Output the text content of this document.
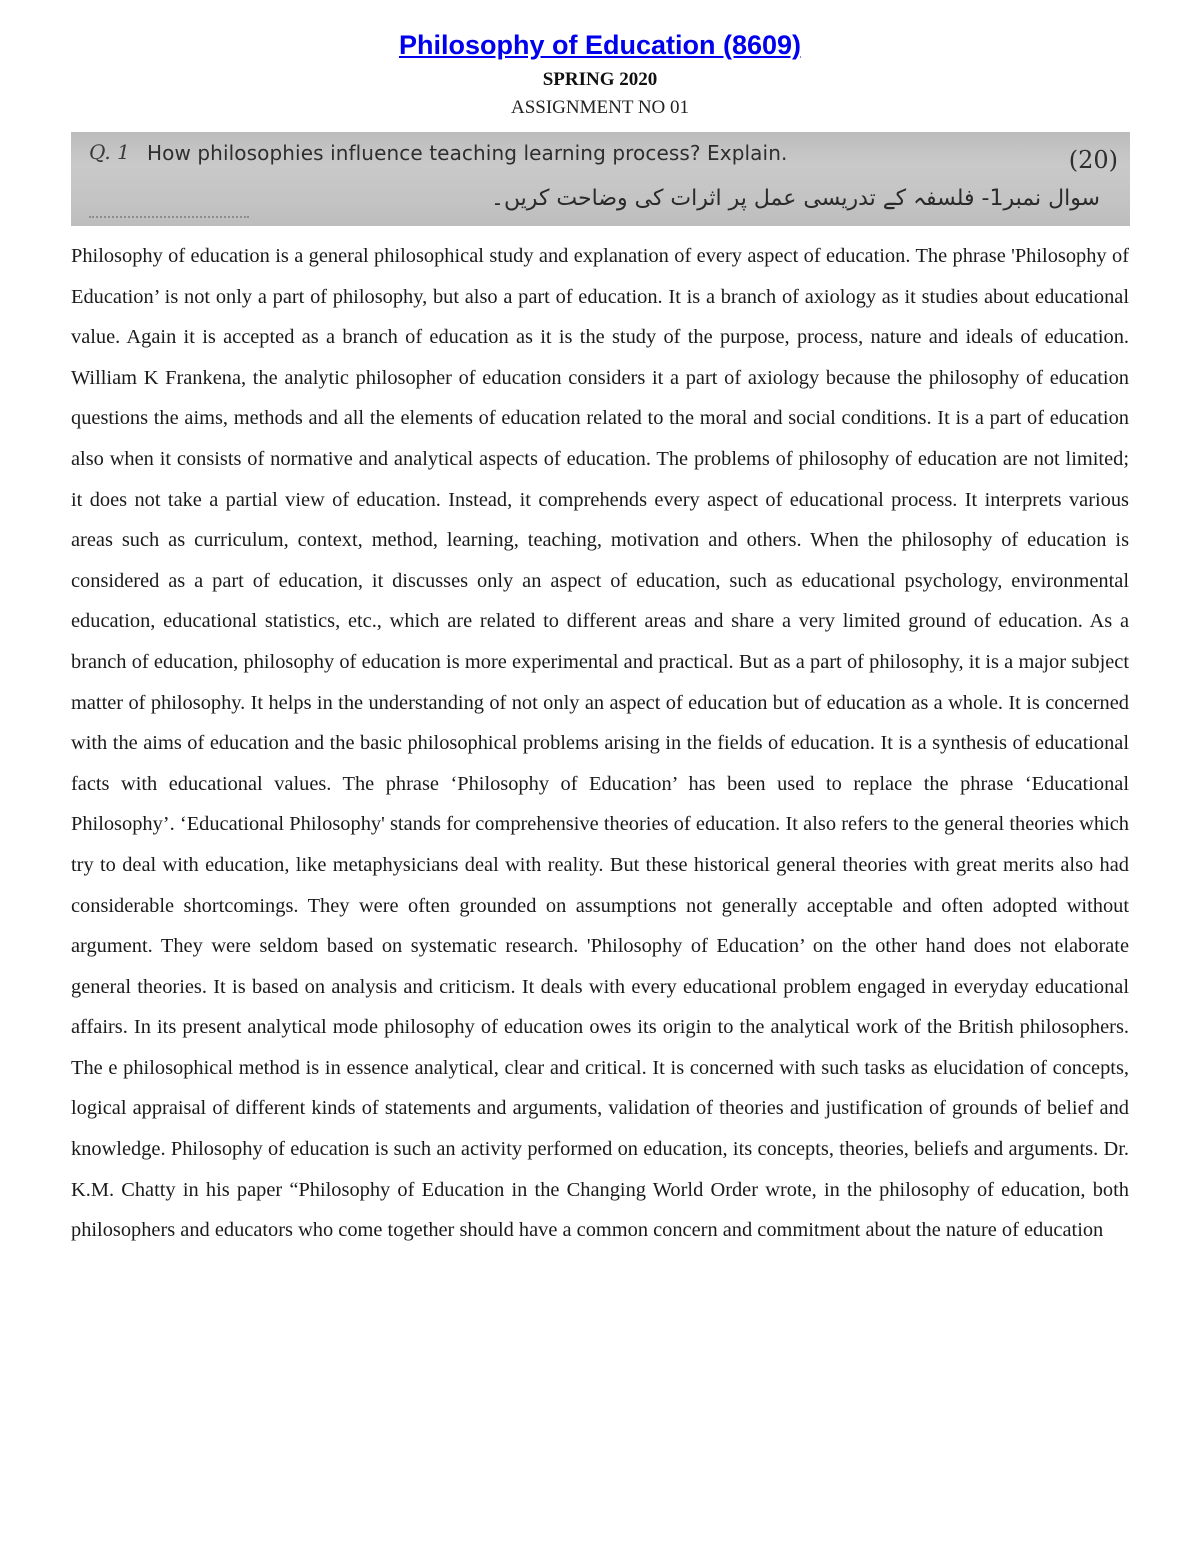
Philosophy of Education (8609)
SPRING 2020
ASSIGNMENT NO 01
Q. 1 How philosophies influence teaching learning process? Explain.	(20)
سوال نمبر1- فلسفہ کے تدریسی عمل پر اثرات کی وضاحت کریں۔

Philosophy of education is a general philosophical study and explanation of every aspect of education. The phrase 'Philosophy of Education’ is not only a part of philosophy, but also a part of education. It is a branch of axiology as it studies about educational value. Again it is accepted as a branch of education as it is the study of the purpose, process, nature and ideals of education. William K Frankena, the analytic philosopher of education considers it a part of axiology because the philosophy of education questions the aims, methods and all the elements of education related to the moral and social conditions. It is a part of education also when it consists of normative and analytical aspects of education. The problems of philosophy of education are not limited; it does not take a partial view of education. Instead, it comprehends every aspect of educational process. It interprets various areas such as curriculum, context, method, learning, teaching, motivation and others. When the philosophy of education is considered as a part of education, it discusses only an aspect of education, such as educational psychology, environmental education, educational statistics, etc., which are related to different areas and share a very limited ground of education. As a branch of education, philosophy of education is more experimental and practical. But as a part of philosophy, it is a major subject matter of philosophy. It helps in the understanding of not only an aspect of education but of education as a whole. It is concerned with the aims of education and the basic philosophical problems arising in the fields of education. It is a synthesis of educational facts with educational values. The phrase ‘Philosophy of Education’ has been used to replace the phrase ‘Educational Philosophy’. ‘Educational Philosophy' stands for comprehensive theories of education. It also refers to the general theories which try to deal with education, like metaphysicians deal with reality. But these historical general theories with great merits also had considerable shortcomings. They were often grounded on assumptions not generally acceptable and often adopted without argument. They were seldom based on systematic research. 'Philosophy of Education’ on the other hand does not elaborate general theories. It is based on analysis and criticism. It deals with every educational problem engaged in everyday educational affairs. In its present analytical mode philosophy of education owes its origin to the analytical work of the British philosophers. The e philosophical method is in essence analytical, clear and critical. It is concerned with such tasks as elucidation of concepts, logical appraisal of different kinds of statements and arguments, validation of theories and justification of grounds of belief and knowledge. Philosophy of education is such an activity performed on education, its concepts, theories, beliefs and arguments. Dr. K.M. Chatty in his paper “Philosophy of Education in the Changing World Order wrote, in the philosophy of education, both philosophers and educators who come together should have a common concern and commitment about the nature of education
